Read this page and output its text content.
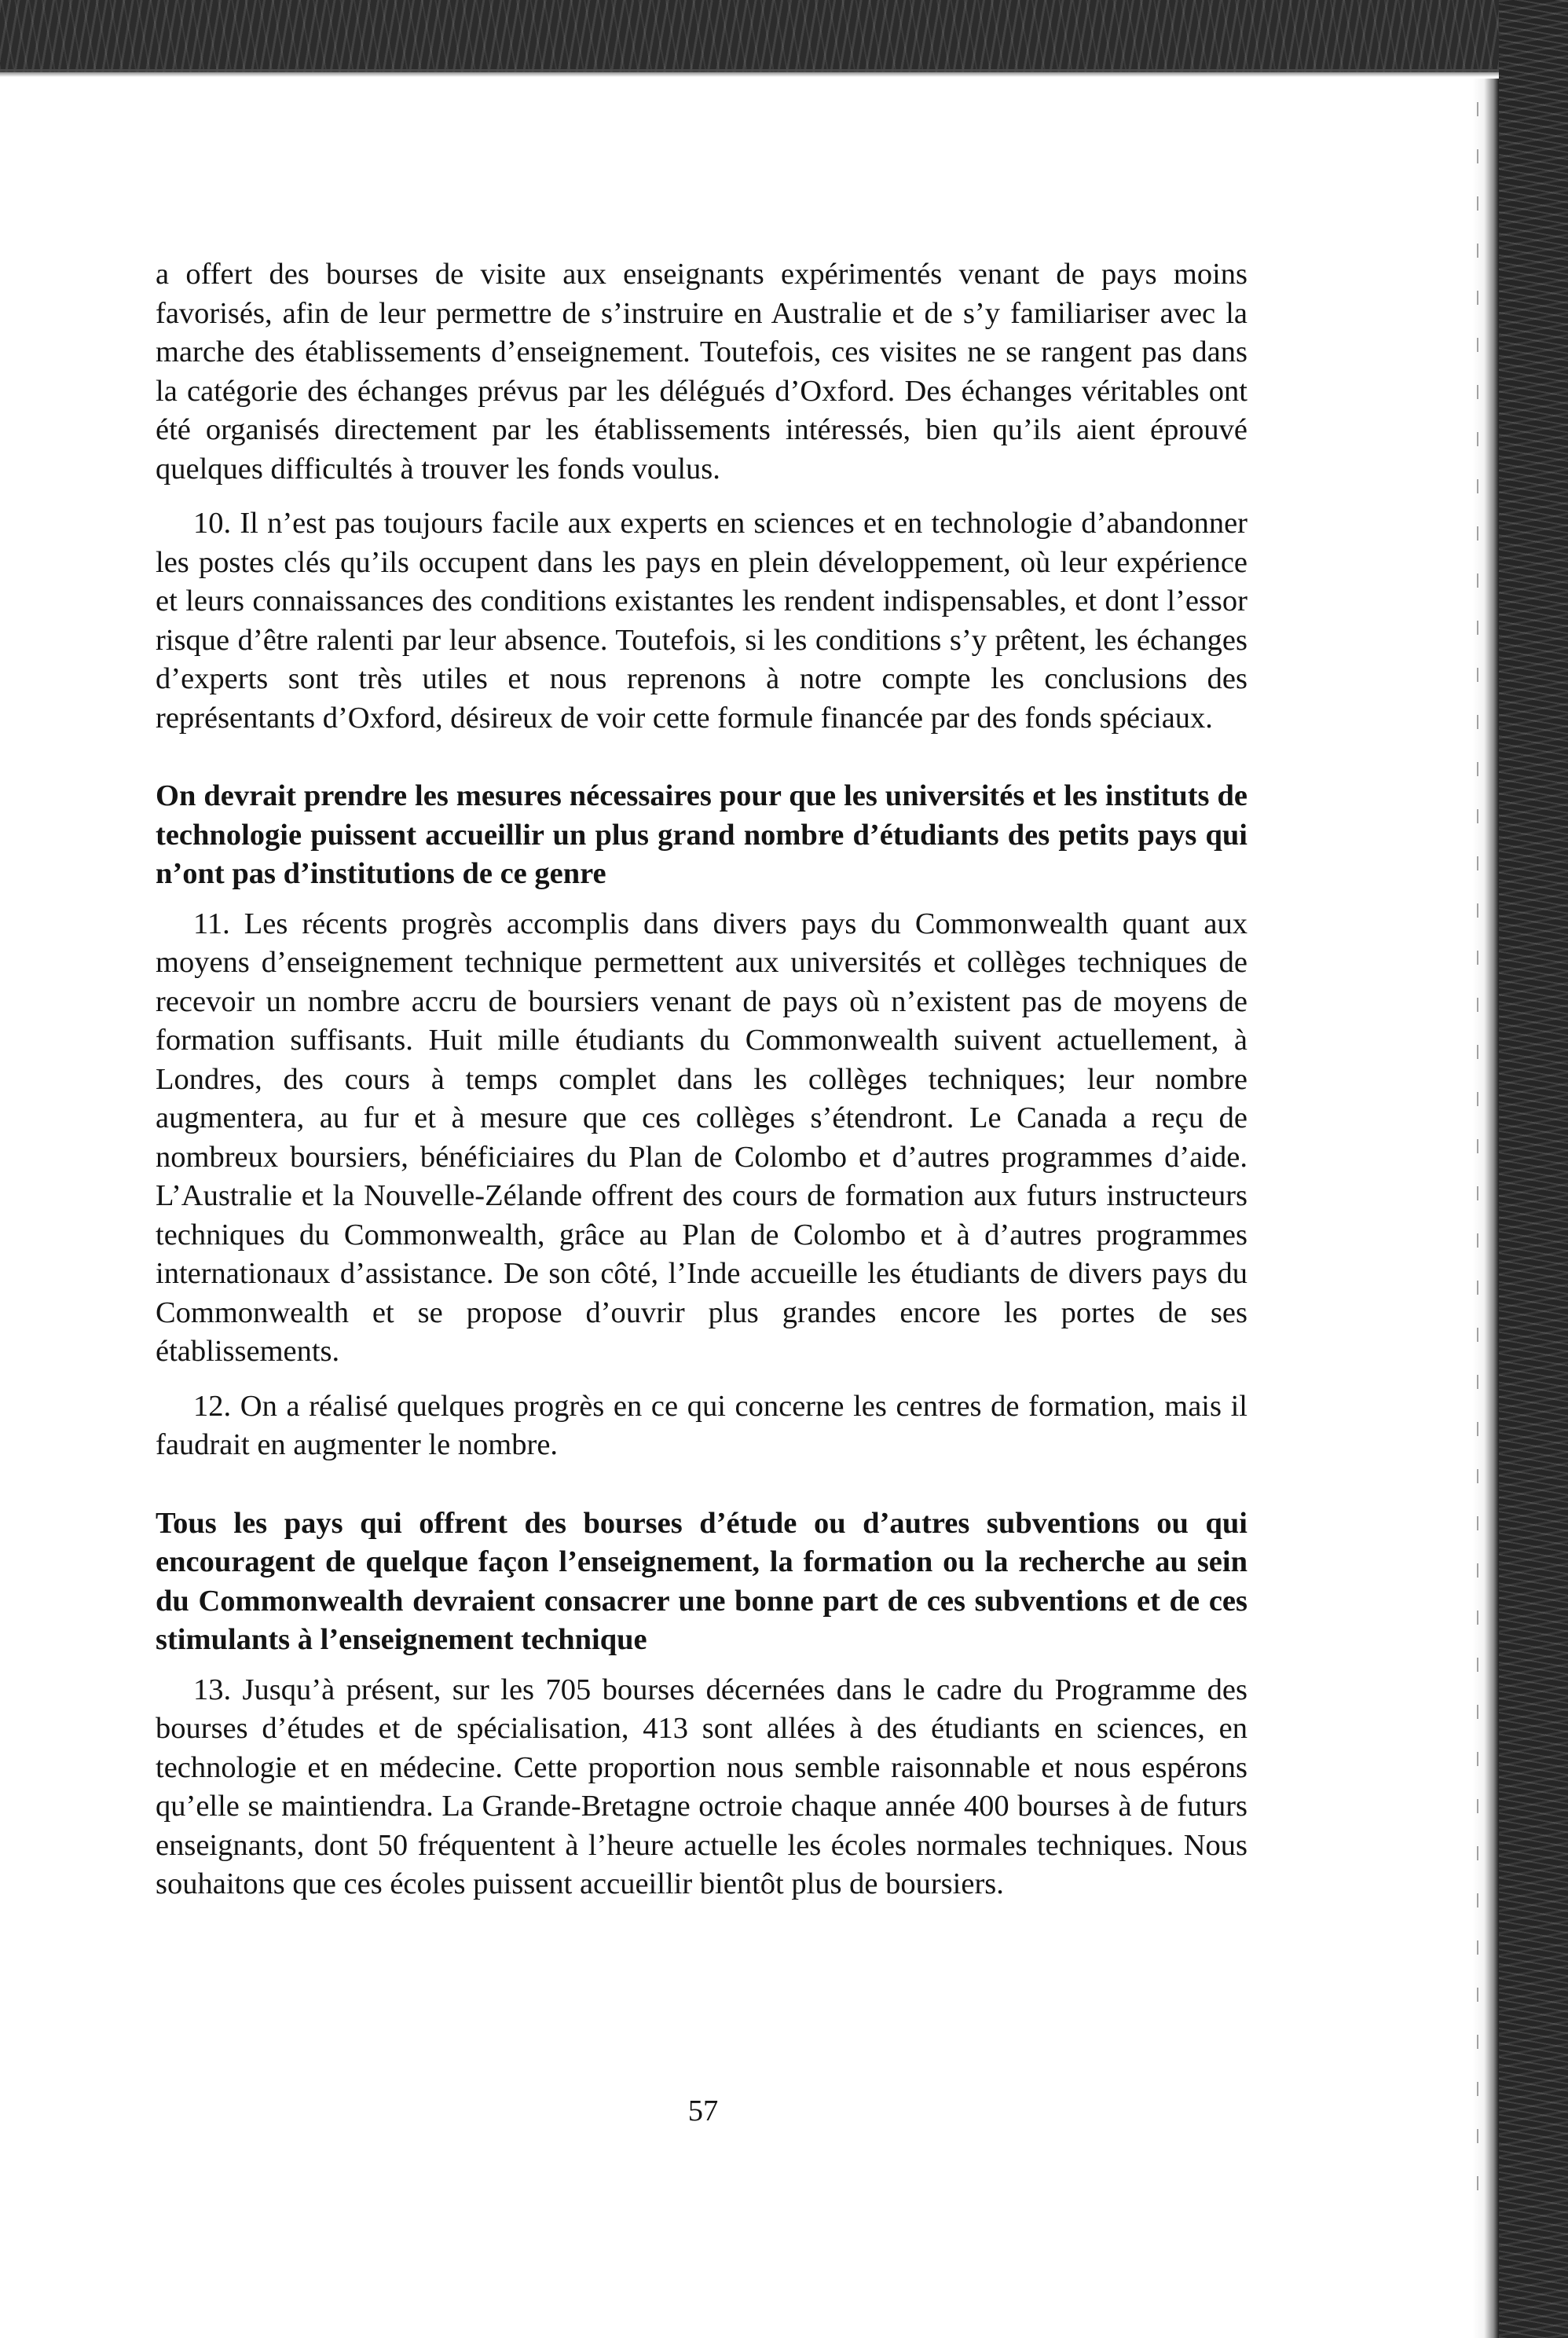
a offert des bourses de visite aux enseignants expérimentés venant de pays moins favorisés, afin de leur permettre de s’instruire en Australie et de s’y familiariser avec la marche des établissements d’enseignement. Toutefois, ces visites ne se rangent pas dans la catégorie des échanges prévus par les délégués d’Oxford. Des échanges véritables ont été organisés directement par les établissements intéressés, bien qu’ils aient éprouvé quelques difficultés à trouver les fonds voulus.

10. Il n’est pas toujours facile aux experts en sciences et en technologie d’abandonner les postes clés qu’ils occupent dans les pays en plein développement, où leur expérience et leurs connaissances des conditions existantes les rendent indispensables, et dont l’essor risque d’être ralenti par leur absence. Toutefois, si les conditions s’y prêtent, les échanges d’experts sont très utiles et nous reprenons à notre compte les conclusions des représentants d’Oxford, désireux de voir cette formule financée par des fonds spéciaux.

On devrait prendre les mesures nécessaires pour que les universités et les instituts de technologie puissent accueillir un plus grand nombre d’étudiants des petits pays qui n’ont pas d’institutions de ce genre

11. Les récents progrès accomplis dans divers pays du Commonwealth quant aux moyens d’enseignement technique permettent aux universités et collèges techniques de recevoir un nombre accru de boursiers venant de pays où n’existent pas de moyens de formation suffisants. Huit mille étudiants du Commonwealth suivent actuellement, à Londres, des cours à temps complet dans les collèges techniques; leur nombre augmentera, au fur et à mesure que ces collèges s’étendront. Le Canada a reçu de nombreux boursiers, bénéficiaires du Plan de Colombo et d’autres programmes d’aide. L’Australie et la Nouvelle-Zélande offrent des cours de formation aux futurs instructeurs techniques du Commonwealth, grâce au Plan de Colombo et à d’autres programmes internationaux d’assistance. De son côté, l’Inde accueille les étudiants de divers pays du Commonwealth et se propose d’ouvrir plus grandes encore les portes de ses établissements.

12. On a réalisé quelques progrès en ce qui concerne les centres de formation, mais il faudrait en augmenter le nombre.

Tous les pays qui offrent des bourses d’étude ou d’autres subventions ou qui encouragent de quelque façon l’enseignement, la formation ou la recherche au sein du Commonwealth devraient consacrer une bonne part de ces subventions et de ces stimulants à l’enseignement technique

13. Jusqu’à présent, sur les 705 bourses décernées dans le cadre du Programme des bourses d’études et de spécialisation, 413 sont allées à des étudiants en sciences, en technologie et en médecine. Cette proportion nous semble raisonnable et nous espérons qu’elle se maintiendra. La Grande-Bretagne octroie chaque année 400 bourses à de futurs enseignants, dont 50 fréquentent à l’heure actuelle les écoles normales techniques. Nous souhaitons que ces écoles puissent accueillir bientôt plus de boursiers.

57
